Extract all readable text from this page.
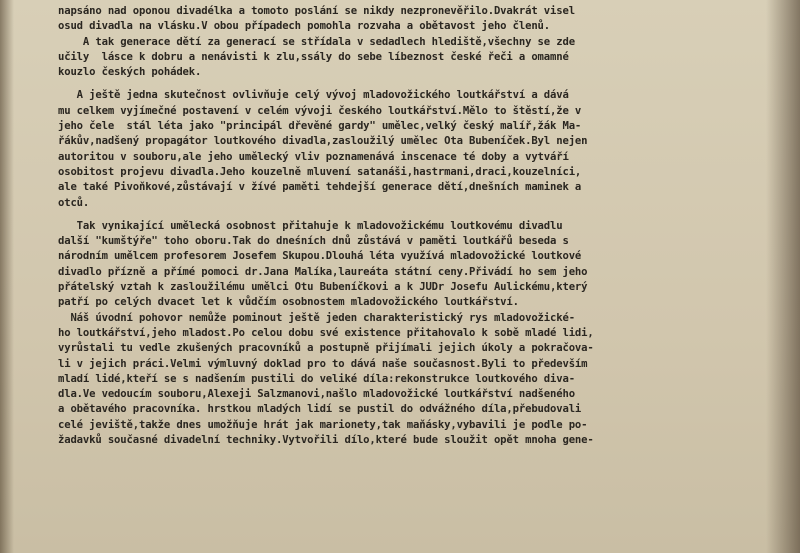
napsáno nad oponou divadélka a tomoto poslání se nikdy nezpronevěřilo.Dvakrát visel
osud divadla na vlásku.V obou případech pomohla rozvaha a obětavost jeho členů.
A tak generace dětí za generací se střídala v sedadlech hlediště,všechny se zde
učily  lásce k dobru a nenávisti k zlu,ssály do sebe líbeznost české řeči a omamné
kouzlo českých pohádek.
A ještě jedna skutečnost ovlivňuje celý vývoj mladovožického loutkářství a dává
mu celkem vyjímečné postavení v celém vývoji českého loutkářství.Mělo to štěstí,že v
jeho čele  stál léta jako "principál dřevěné gardy" umělec,velký český malíř,žák Ma-
řákův,nadšený propagátor loutkového divadla,zasloužilý umělec Ota Bubeníček.Byl nejen
autoritou v souboru,ale jeho umělecký vliv poznamenává inscenace té doby a vytváří
osobitost projevu divadla.Jeho kouzelně mluvení satanáši,hastrmani,draci,kouzelníci,
ale také Pivoňkové,zůstávají v žívé paměti tehdejší generace dětí,dnešních maminek a
otců.
Tak vynikající umělecká osobnost přitahuje k mladovožickému loutkovému divadlu
další "kumštýře" toho oboru.Tak do dneśních dnů zůstává v paměti loutkářů beseda s
národním umělcem profesorem Josefem Skupou.Dlouhá léta využívá mladovožické loutkové
divadlo přízně a přímé pomoci dr.Jana Malíka,laureáta státní ceny.Přivádí ho sem jeho
přátelský vztah k zasloužilému umělci Otu Bubeníčkovi a k JUDr Josefu Aulickému,který
patří po celých dvacet let k vůdčím osobnostem mladovožického loutkářství.
Náš úvodní pohovor nemůže pominout ještě jeden charakteristický rys mladovožické-
ho loutkářství,jeho mladost.Po celou dobu své existence přitahovalo k sobě mladé lidi,
vyrůstali tu vedle zkušených pracovníků a postupně přijímali jejich úkoly a pokračova-
li v jejich práci.Velmi výmluvný doklad pro to dává naše současnost.Byli to především
mladí lidé,kteří se s nadšením pustili do veliké díla:rekonstrukce loutkového diva-
dla.Ve vedoucím souboru,Alexeji Salzmanovi,našlo mladovožické loutkářství nadšeného
a obětavého pracovníka. hrstkou mladých lidí se pustil do odvážného díla,přebudovali
celé jeviště,takže dnes umožňuje hrát jak marionety,tak maňásky,vybavili je podle po-
žadavků současné divadelní techniky.Vytvořili dílo,které bude sloužit opět mnoha gene-
